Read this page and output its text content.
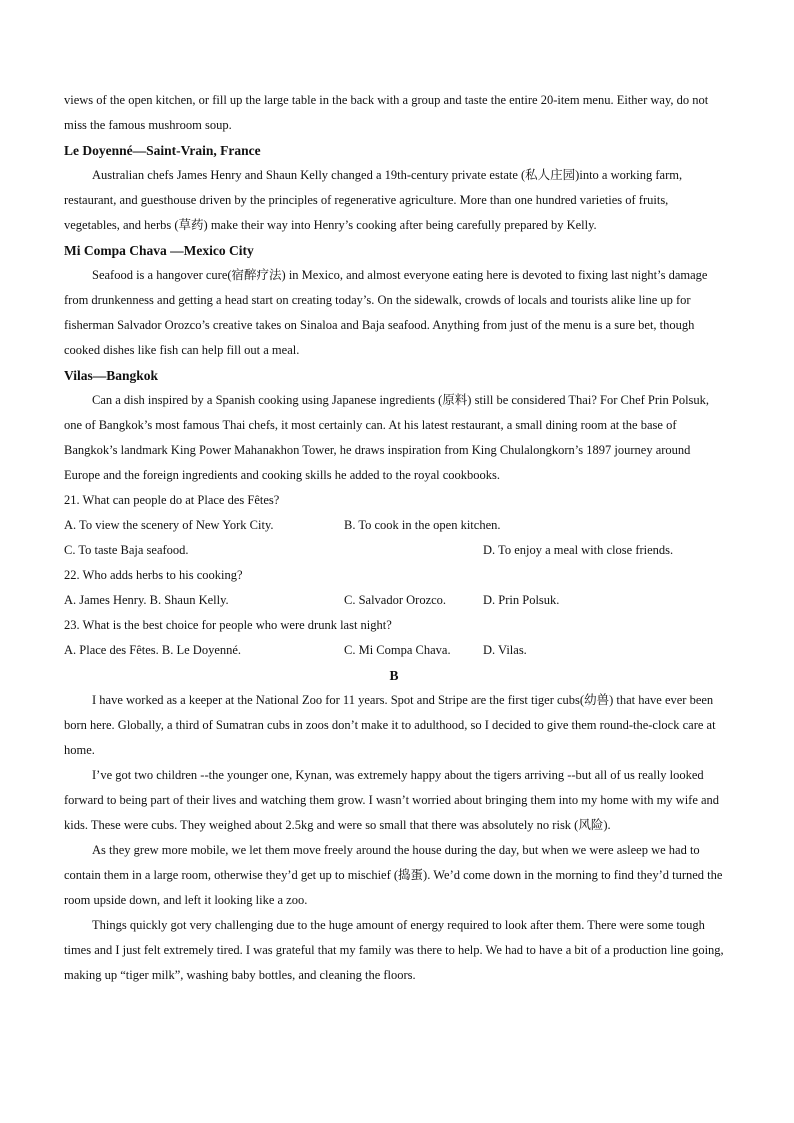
views of the open kitchen, or fill up the large table in the back with a group and taste the entire 20-item menu. Either way, do not miss the famous mushroom soup.

Le Doyenné—Saint-Vrain, France

Australian chefs James Henry and Shaun Kelly changed a 19th-century private estate (私人庄园)into a working farm, restaurant, and guesthouse driven by the principles of regenerative agriculture. More than one hundred varieties of fruits, vegetables, and herbs (草药) make their way into Henry’s cooking after being carefully prepared by Kelly.

Mi Compa Chava —Mexico City

Seafood is a hangover cure(宿醉疗法) in Mexico, and almost everyone eating here is devoted to fixing last night’s damage from drunkenness and getting a head start on creating today’s. On the sidewalk, crowds of locals and tourists alike line up for fisherman Salvador Orozco’s creative takes on Sinaloa and Baja seafood. Anything from just of the menu is a sure bet, though cooked dishes like fish can help fill out a meal.

Vilas—Bangkok

Can a dish inspired by a Spanish cooking using Japanese ingredients (原料) still be considered Thai? For Chef Prin Polsuk, one of Bangkok’s most famous Thai chefs, it most certainly can. At his latest restaurant, a small dining room at the base of Bangkok’s landmark King Power Mahanakhon Tower, he draws inspiration from King Chulalongkorn’s 1897 journey around Europe and the foreign ingredients and cooking skills he added to the royal cookbooks.

21. What can people do at Place des Fêtes?

A. To view the scenery of New York City.	B. To cook in the open kitchen.
C. To taste Baja seafood.	D. To enjoy a meal with close friends.

22. Who adds herbs to his cooking?

A. James Henry. B. Shaun Kelly.	C. Salvador Orozco.	D. Prin Polsuk.

23. What is the best choice for people who were drunk last night?

A. Place des Fêtes. B. Le Doyenné.	C. Mi Compa Chava.	D. Vilas.

B

I have worked as a keeper at the National Zoo for 11 years. Spot and Stripe are the first tiger cubs(幼兽) that have ever been born here. Globally, a third of Sumatran cubs in zoos don’t make it to adulthood, so I decided to give them round-the-clock care at home.

I’ve got two children --the younger one, Kynan, was extremely happy about the tigers arriving --but all of us really looked forward to being part of their lives and watching them grow. I wasn’t worried about bringing them into my home with my wife and kids. These were cubs. They weighed about 2.5kg and were so small that there was absolutely no risk (风险).

As they grew more mobile, we let them move freely around the house during the day, but when we were asleep we had to contain them in a large room, otherwise they’d get up to mischief (捣蛋). We’d come down in the morning to find they’d turned the room upside down, and left it looking like a zoo.

Things quickly got very challenging due to the huge amount of energy required to look after them. There were some tough times and I just felt extremely tired. I was grateful that my family was there to help. We had to have a bit of a production line going, making up “tiger milk”, washing baby bottles, and cleaning the floors.
